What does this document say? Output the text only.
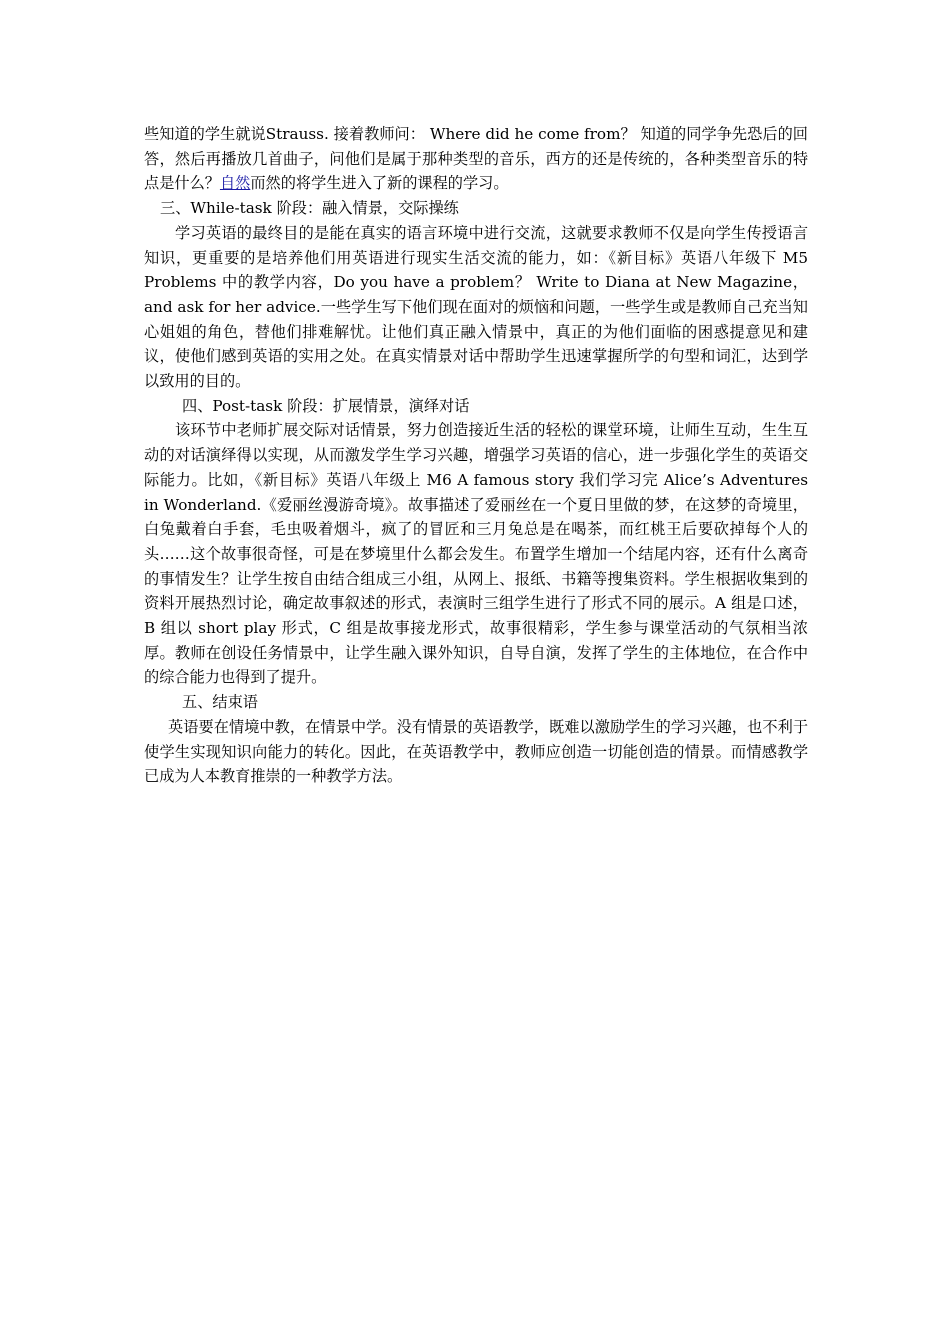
些知道的学生就说Strauss. 接着教师问： Where did he come from？ 知道的同学争先恐后的回答，然后再播放几首曲子，问他们是属于那种类型的音乐，西方的还是传统的，各种类型音乐的特点是什么？自然而然的将学生进入了新的课程的学习。

三、While-task 阶段：融入情景，交际操练

学习英语的最终目的是能在真实的语言环境中进行交流，这就要求教师不仅是向学生传授语言知识，更重要的是培养他们用英语进行现实生活交流的能力，如：《新目标》英语八年级下 M5 Problems 中的教学内容，Do you have a problem？ Write to Diana at New Magazine，and ask for her advice.一些学生写下他们现在面对的烦恼和问题，一些学生或是教师自己充当知心姐姐的角色，替他们排难解忧。让他们真正融入情景中，真正的为他们面临的困惑提意见和建议，使他们感到英语的实用之处。在真实情景对话中帮助学生迅速掌握所学的句型和词汇，达到学以致用的目的。

四、Post-task 阶段：扩展情景，演绎对话

该环节中老师扩展交际对话情景，努力创造接近生活的轻松的课堂环境，让师生互动，生生互动的对话演绎得以实现，从而激发学生学习兴趣，增强学习英语的信心，进一步强化学生的英语交际能力。比如，《新目标》英语八年级上 M6 A famous story 我们学习完 Alice’s Adventures in Wonderland.《爱丽丝漫游奇境》。故事描述了爱丽丝在一个夏日里做的梦，在这梦的奇境里，白兔戴着白手套，毛虫吸着烟斗，疯了的冒匠和三月兔总是在喝茶，而红桃王后要砍掉每个人的头……这个故事很奇怪，可是在梦境里什么都会发生。布置学生增加一个结尾内容，还有什么离奇的事情发生？让学生按自由结合组成三小组，从网上、报纸、书籍等搜集资料。学生根据收集到的资料开展热烈讨论，确定故事叙述的形式，表演时三组学生进行了形式不同的展示。A 组是口述，B 组以 short play 形式，C 组是故事接龙形式，故事很精彩，学生参与课堂活动的气氛相当浓厚。教师在创设任务情景中，让学生融入课外知识，自导自演，发挥了学生的主体地位，在合作中的综合能力也得到了提升。

五、结束语

英语要在情境中教，在情景中学。没有情景的英语教学，既难以激励学生的学习兴趣，也不利于使学生实现知识向能力的转化。因此，在英语教学中，教师应创造一切能创造的情景。而情感教学已成为人本教育推崇的一种教学方法。
